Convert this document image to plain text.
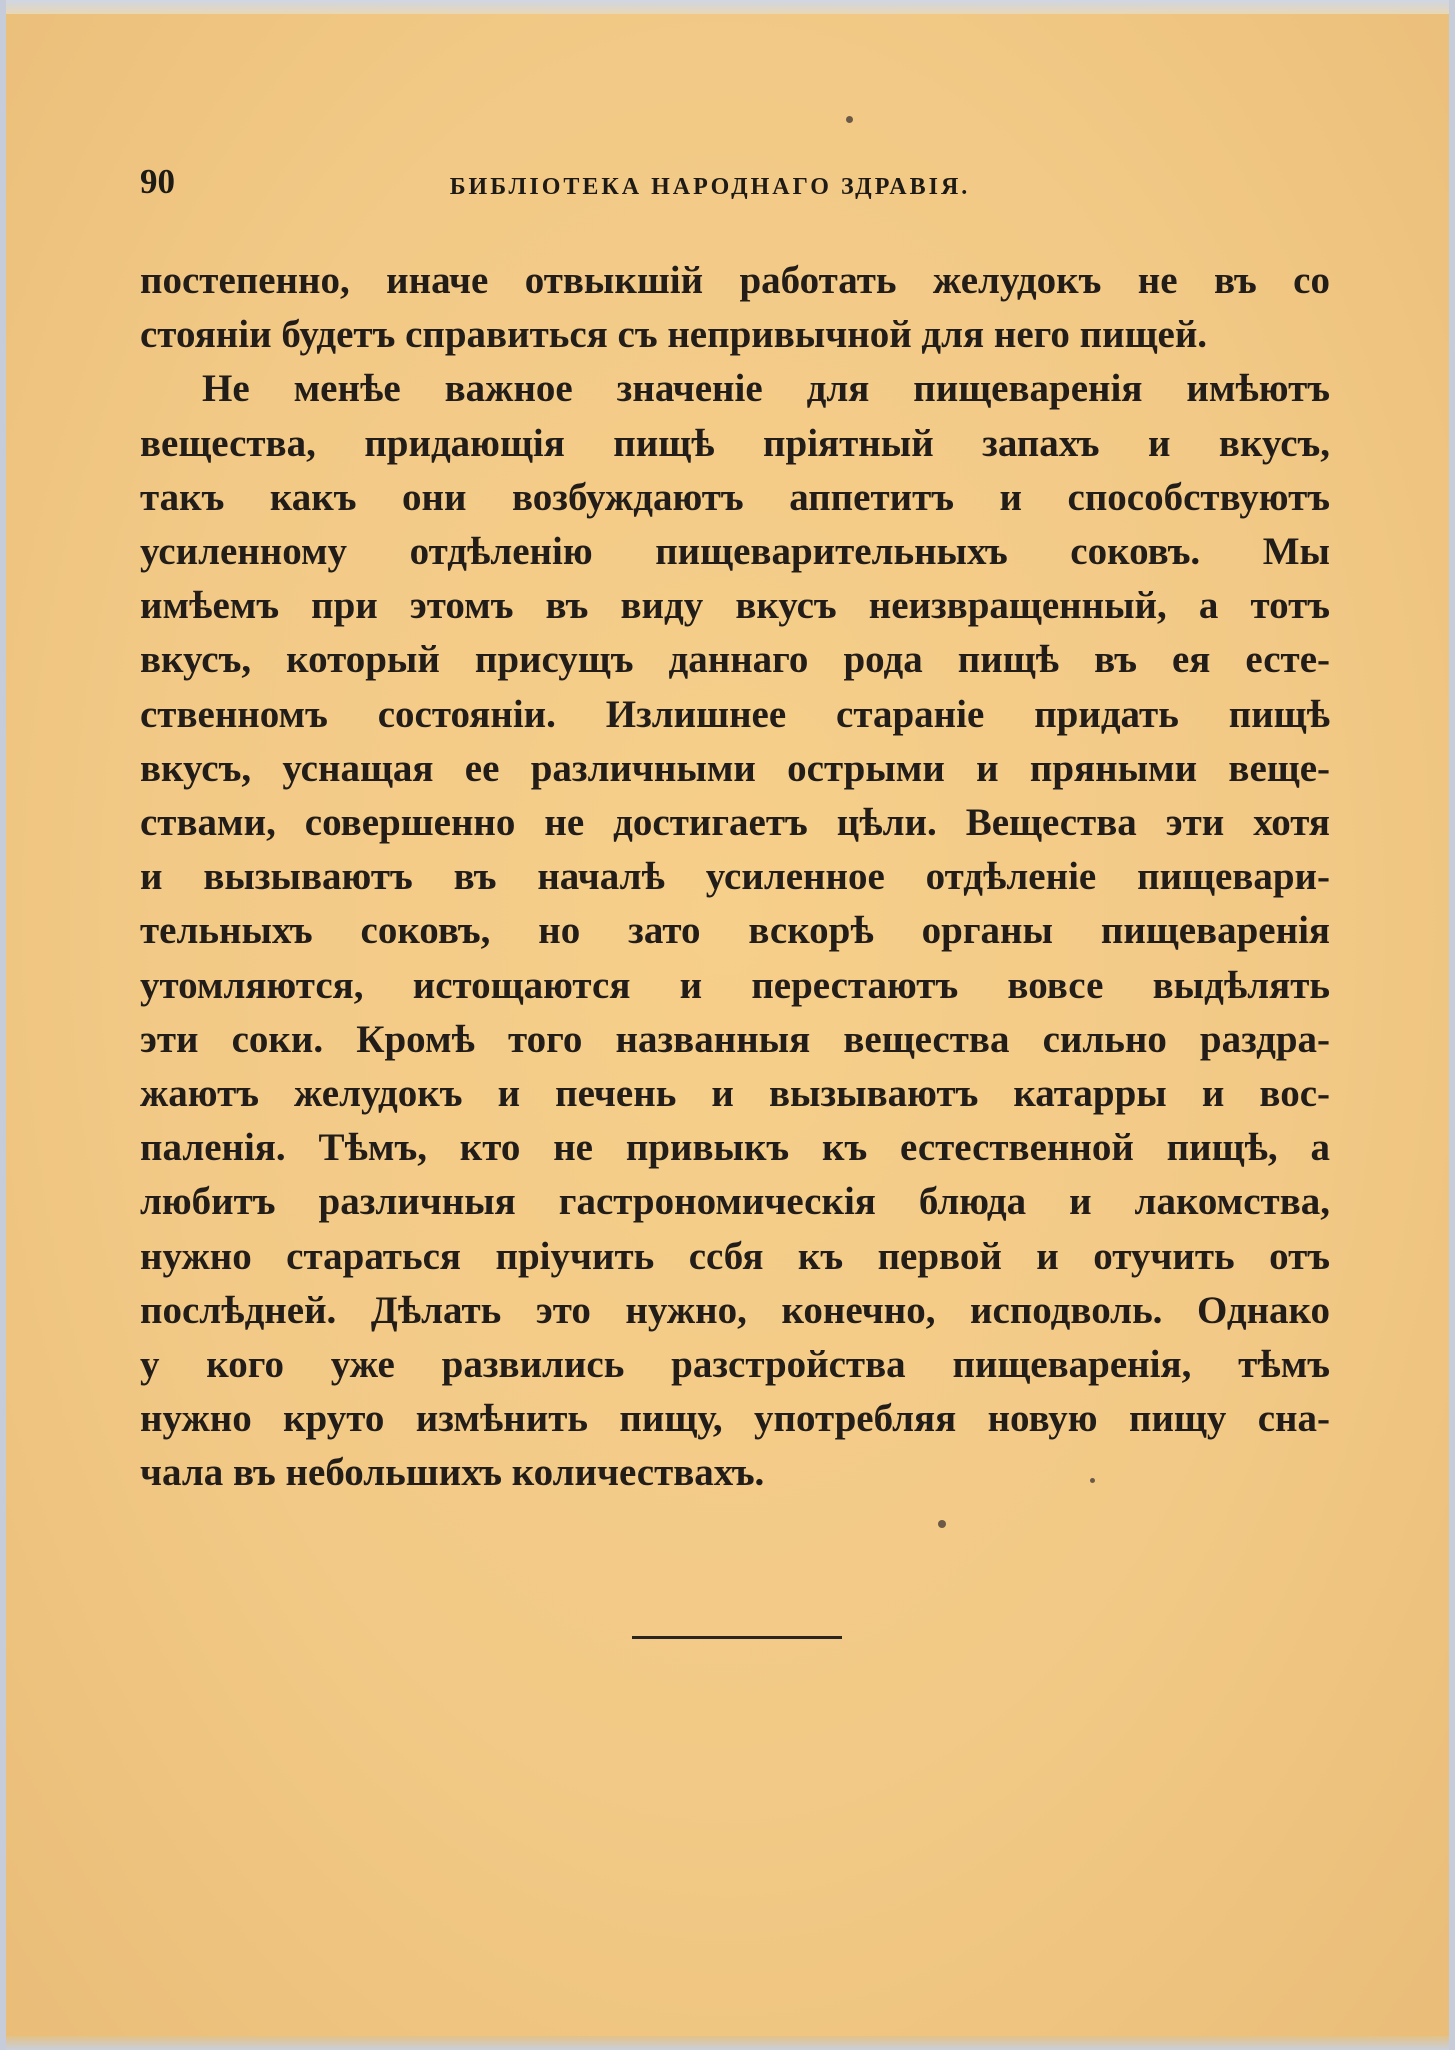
90	БИБЛІОТЕКА НАРОДНАГО ЗДРАВІЯ.
постепенно, иначе отвыкшій работать желудокъ не въ со
стояніи будетъ справиться съ непривычной для него пищей.
Не менѣе важное значеніе для пищеваренія имѣютъ
вещества, придающія пищѣ пріятный запахъ и вкусъ,
такъ какъ они возбуждаютъ аппетитъ и способствуютъ
усиленному отдѣленію пищеварительныхъ соковъ. Мы
имѣемъ при этомъ въ виду вкусъ неизвращенный, а тотъ
вкусъ, который присущъ даннаго рода пищѣ въ ея есте-
ственномъ состояніи. Излишнее стараніе придать пищѣ
вкусъ, уснащая ее различными острыми и пряными веще-
ствами, совершенно не достигаетъ цѣли. Вещества эти хотя
и вызываютъ въ началѣ усиленное отдѣленіе пищевари-
тельныхъ соковъ, но зато вскорѣ органы пищеваренія
утомляются, истощаются и перестаютъ вовсе выдѣлять
эти соки. Кромѣ того названныя вещества сильно раздра-
жаютъ желудокъ и печень и вызываютъ катарры и вос-
паленія. Тѣмъ, кто не привыкъ къ естественной пищѣ, а
любитъ различныя гастрономическія блюда и лакомства,
нужно стараться пріучить ссбя къ первой и отучить отъ
послѣдней. Дѣлать это нужно, конечно, исподволь. Однако
у кого уже развились разстройства пищеваренія, тѣмъ
нужно круто измѣнить пищу, употребляя новую пищу сна-
чала въ небольшихъ количествахъ.
